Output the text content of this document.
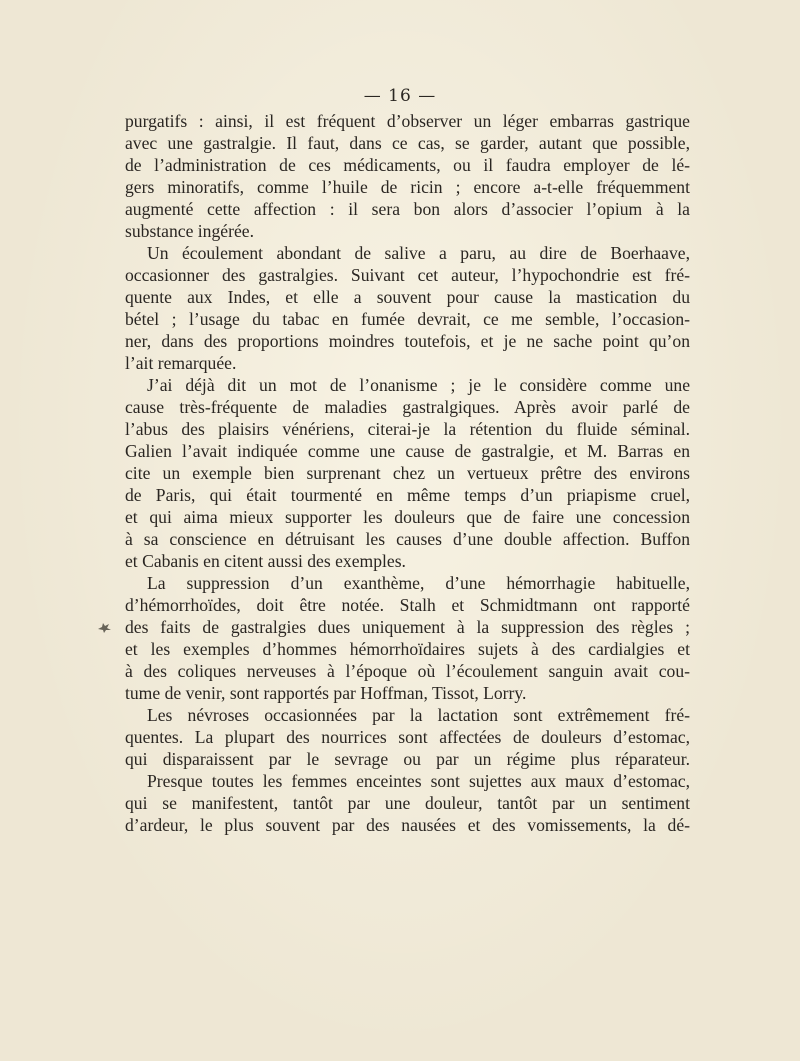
— 16 —
purgatifs : ainsi, il est fréquent d’observer un léger embarras gastrique
avec une gastralgie. Il faut, dans ce cas, se garder, autant que possible,
de l’administration de ces médicaments, ou il faudra employer de lé-
gers minoratifs, comme l’huile de ricin ; encore a-t-elle fréquemment
augmenté cette affection : il sera bon alors d’associer l’opium à la
substance ingérée.
Un écoulement abondant de salive a paru, au dire de Boerhaave,
occasionner des gastralgies. Suivant cet auteur, l’hypochondrie est fré-
quente aux Indes, et elle a souvent pour cause la mastication du
bétel ; l’usage du tabac en fumée devrait, ce me semble, l’occasion-
ner, dans des proportions moindres toutefois, et je ne sache point qu’on
l’ait remarquée.
J’ai déjà dit un mot de l’onanisme ; je le considère comme une
cause très-fréquente de maladies gastralgiques. Après avoir parlé de
l’abus des plaisirs vénériens, citerai-je la rétention du fluide séminal.
Galien l’avait indiquée comme une cause de gastralgie, et M. Barras en
cite un exemple bien surprenant chez un vertueux prêtre des environs
de Paris, qui était tourmenté en même temps d’un priapisme cruel,
et qui aima mieux supporter les douleurs que de faire une concession
à sa conscience en détruisant les causes d’une double affection. Buffon
et Cabanis en citent aussi des exemples.
La suppression d’un exanthème, d’une hémorrhagie habituelle,
d’hémorrhoïdes, doit être notée. Stalh et Schmidtmann ont rapporté
des faits de gastralgies dues uniquement à la suppression des règles ;
et les exemples d’hommes hémorrhoïdaires sujets à des cardialgies et
à des coliques nerveuses à l’époque où l’écoulement sanguin avait cou-
tume de venir, sont rapportés par Hoffman, Tissot, Lorry.
Les névroses occasionnées par la lactation sont extrêmement fré-
quentes. La plupart des nourrices sont affectées de douleurs d’estomac,
qui disparaissent par le sevrage ou par un régime plus réparateur.
Presque toutes les femmes enceintes sont sujettes aux maux d’estomac,
qui se manifestent, tantôt par une douleur, tantôt par un sentiment
d’ardeur, le plus souvent par des nausées et des vomissements, la dé-
